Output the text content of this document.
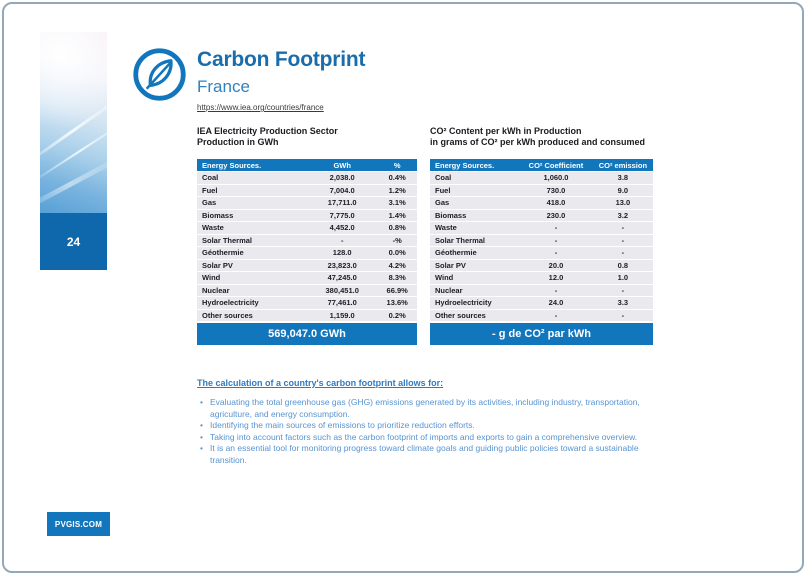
24
Carbon Footprint
France
https://www.iea.org/countries/france
IEA Electricity Production Sector
Production in GWh
CO² Content per kWh in Production
in grams of CO² per kWh produced and consumed
Energy Sources.	GWh	%
Coal	2,038.0	0.4%
Fuel	7,004.0	1.2%
Gas	17,711.0	3.1%
Biomass	7,775.0	1.4%
Waste	4,452.0	0.8%
Solar Thermal	-	-%
Géothermie	128.0	0.0%
Solar PV	23,823.0	4.2%
Wind	47,245.0	8.3%
Nuclear	380,451.0	66.9%
Hydroelectricity	77,461.0	13.6%
Other sources	1,159.0	0.2%
569,047.0 GWh
Energy Sources.	CO² Coefficient	CO² emission
Coal	1,060.0	3.8
Fuel	730.0	9.0
Gas	418.0	13.0
Biomass	230.0	3.2
Waste	-	-
Solar Thermal	-	-
Géothermie	-	-
Solar PV	20.0	0.8
Wind	12.0	1.0
Nuclear	-	-
Hydroelectricity	24.0	3.3
Other sources	-	-
- g de CO² par kWh
The calculation of a country's carbon footprint allows for:
• Evaluating the total greenhouse gas (GHG) emissions generated by its activities, including industry, transportation, agriculture, and energy consumption.
• Identifying the main sources of emissions to prioritize reduction efforts.
• Taking into account factors such as the carbon footprint of imports and exports to gain a comprehensive overview.
• It is an essential tool for monitoring progress toward climate goals and guiding public policies toward a sustainable transition.
PVGIS.COM
